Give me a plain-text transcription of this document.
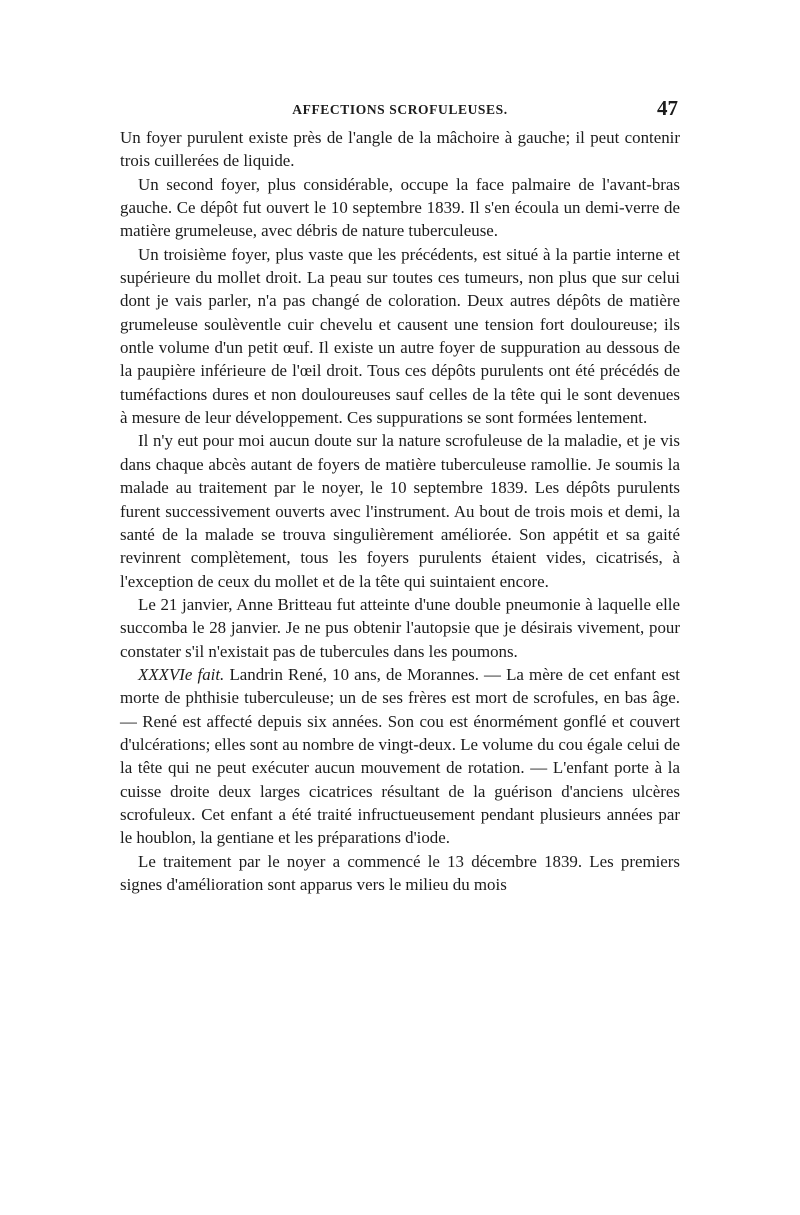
AFFECTIONS SCROFULEUSES.	47

Un foyer purulent existe près de l'angle de la mâchoire à gauche; il peut contenir trois cuillerées de liquide.

Un second foyer, plus considérable, occupe la face palmaire de l'avant-bras gauche. Ce dépôt fut ouvert le 10 septembre 1839. Il s'en écoula un demi-verre de matière grumeleuse, avec débris de nature tuberculeuse.

Un troisième foyer, plus vaste que les précédents, est situé à la partie interne et supérieure du mollet droit. La peau sur toutes ces tumeurs, non plus que sur celui dont je vais parler, n'a pas changé de coloration. Deux autres dépôts de matière grumeleuse soulèventle cuir chevelu et causent une tension fort douloureuse; ils ontle volume d'un petit œuf. Il existe un autre foyer de suppuration au dessous de la paupière inférieure de l'œil droit. Tous ces dépôts purulents ont été précédés de tuméfactions dures et non douloureuses sauf celles de la tête qui le sont devenues à mesure de leur développement. Ces suppurations se sont formées lentement.

Il n'y eut pour moi aucun doute sur la nature scrofuleuse de la maladie, et je vis dans chaque abcès autant de foyers de matière tuberculeuse ramollie. Je soumis la malade au traitement par le noyer, le 10 septembre 1839. Les dépôts purulents furent successivement ouverts avec l'instrument. Au bout de trois mois et demi, la santé de la malade se trouva singulièrement améliorée. Son appétit et sa gaité revinrent complètement, tous les foyers purulents étaient vides, cicatrisés, à l'exception de ceux du mollet et de la tête qui suintaient encore.

Le 21 janvier, Anne Britteau fut atteinte d'une double pneumonie à laquelle elle succomba le 28 janvier. Je ne pus obtenir l'autopsie que je désirais vivement, pour constater s'il n'existait pas de tubercules dans les poumons.

XXXVIe fait. Landrin René, 10 ans, de Morannes. — La mère de cet enfant est morte de phthisie tuberculeuse; un de ses frères est mort de scrofules, en bas âge. — René est affecté depuis six années. Son cou est énormément gonflé et couvert d'ulcérations; elles sont au nombre de vingt-deux. Le volume du cou égale celui de la tête qui ne peut exécuter aucun mouvement de rotation. — L'enfant porte à la cuisse droite deux larges cicatrices résultant de la guérison d'anciens ulcères scrofuleux. Cet enfant a été traité infructueusement pendant plusieurs années par le houblon, la gentiane et les préparations d'iode.

Le traitement par le noyer a commencé le 13 décembre 1839. Les premiers signes d'amélioration sont apparus vers le milieu du mois
